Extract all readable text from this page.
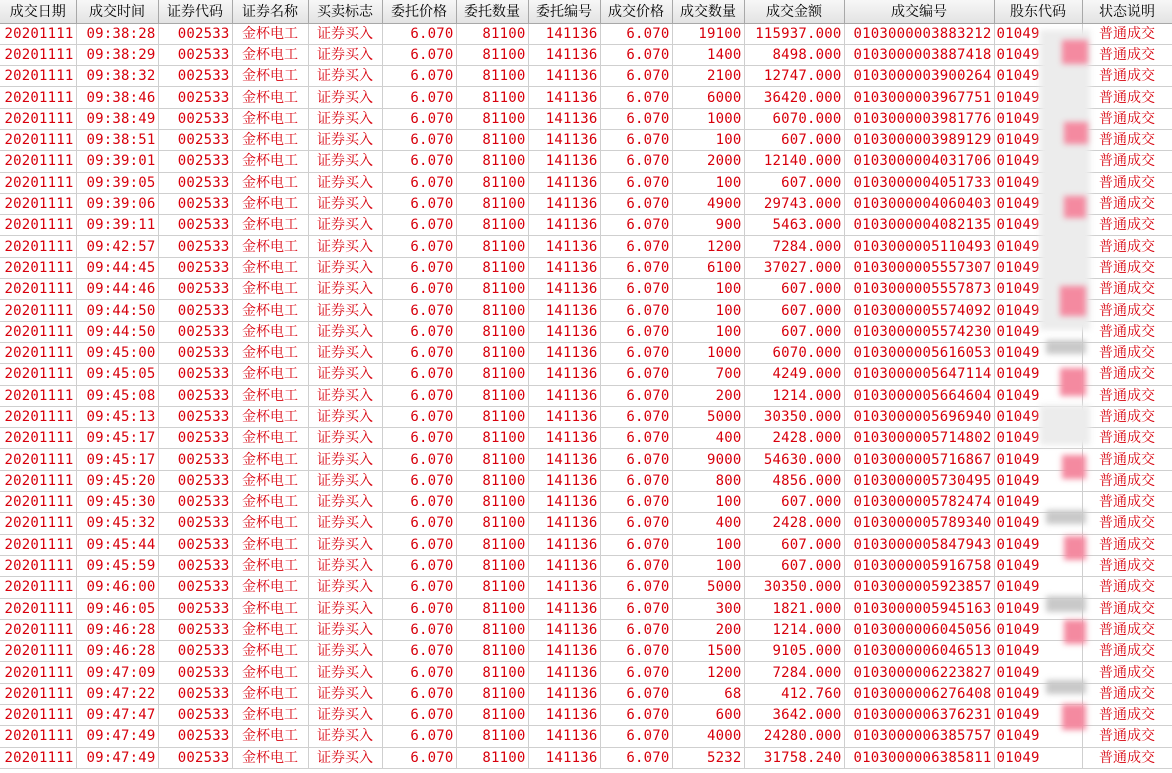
成交日期	成交时间	证券代码	证券名称	买卖标志	委托价格	委托数量	委托编号	成交价格	成交数量	成交金额	成交编号	股东代码	状态说明
20201111	09:38:28	002533	金杯电工	证券买入	6.070	81100	141136	6.070	19100	115937.000	0103000003883212	01049	普通成交
20201111	09:38:29	002533	金杯电工	证券买入	6.070	81100	141136	6.070	1400	8498.000	0103000003887418	01049	普通成交
20201111	09:38:32	002533	金杯电工	证券买入	6.070	81100	141136	6.070	2100	12747.000	0103000003900264	01049	普通成交
20201111	09:38:46	002533	金杯电工	证券买入	6.070	81100	141136	6.070	6000	36420.000	0103000003967751	01049	普通成交
20201111	09:38:49	002533	金杯电工	证券买入	6.070	81100	141136	6.070	1000	6070.000	0103000003981776	01049	普通成交
20201111	09:38:51	002533	金杯电工	证券买入	6.070	81100	141136	6.070	100	607.000	0103000003989129	01049	普通成交
20201111	09:39:01	002533	金杯电工	证券买入	6.070	81100	141136	6.070	2000	12140.000	0103000004031706	01049	普通成交
20201111	09:39:05	002533	金杯电工	证券买入	6.070	81100	141136	6.070	100	607.000	0103000004051733	01049	普通成交
20201111	09:39:06	002533	金杯电工	证券买入	6.070	81100	141136	6.070	4900	29743.000	0103000004060403	01049	普通成交
20201111	09:39:11	002533	金杯电工	证券买入	6.070	81100	141136	6.070	900	5463.000	0103000004082135	01049	普通成交
20201111	09:42:57	002533	金杯电工	证券买入	6.070	81100	141136	6.070	1200	7284.000	0103000005110493	01049	普通成交
20201111	09:44:45	002533	金杯电工	证券买入	6.070	81100	141136	6.070	6100	37027.000	0103000005557307	01049	普通成交
20201111	09:44:46	002533	金杯电工	证券买入	6.070	81100	141136	6.070	100	607.000	0103000005557873	01049	普通成交
20201111	09:44:50	002533	金杯电工	证券买入	6.070	81100	141136	6.070	100	607.000	0103000005574092	01049	普通成交
20201111	09:44:50	002533	金杯电工	证券买入	6.070	81100	141136	6.070	100	607.000	0103000005574230	01049	普通成交
20201111	09:45:00	002533	金杯电工	证券买入	6.070	81100	141136	6.070	1000	6070.000	0103000005616053	01049	普通成交
20201111	09:45:05	002533	金杯电工	证券买入	6.070	81100	141136	6.070	700	4249.000	0103000005647114	01049	普通成交
20201111	09:45:08	002533	金杯电工	证券买入	6.070	81100	141136	6.070	200	1214.000	0103000005664604	01049	普通成交
20201111	09:45:13	002533	金杯电工	证券买入	6.070	81100	141136	6.070	5000	30350.000	0103000005696940	01049	普通成交
20201111	09:45:17	002533	金杯电工	证券买入	6.070	81100	141136	6.070	400	2428.000	0103000005714802	01049	普通成交
20201111	09:45:17	002533	金杯电工	证券买入	6.070	81100	141136	6.070	9000	54630.000	0103000005716867	01049	普通成交
20201111	09:45:20	002533	金杯电工	证券买入	6.070	81100	141136	6.070	800	4856.000	0103000005730495	01049	普通成交
20201111	09:45:30	002533	金杯电工	证券买入	6.070	81100	141136	6.070	100	607.000	0103000005782474	01049	普通成交
20201111	09:45:32	002533	金杯电工	证券买入	6.070	81100	141136	6.070	400	2428.000	0103000005789340	01049	普通成交
20201111	09:45:44	002533	金杯电工	证券买入	6.070	81100	141136	6.070	100	607.000	0103000005847943	01049	普通成交
20201111	09:45:59	002533	金杯电工	证券买入	6.070	81100	141136	6.070	100	607.000	0103000005916758	01049	普通成交
20201111	09:46:00	002533	金杯电工	证券买入	6.070	81100	141136	6.070	5000	30350.000	0103000005923857	01049	普通成交
20201111	09:46:05	002533	金杯电工	证券买入	6.070	81100	141136	6.070	300	1821.000	0103000005945163	01049	普通成交
20201111	09:46:28	002533	金杯电工	证券买入	6.070	81100	141136	6.070	200	1214.000	0103000006045056	01049	普通成交
20201111	09:46:28	002533	金杯电工	证券买入	6.070	81100	141136	6.070	1500	9105.000	0103000006046513	01049	普通成交
20201111	09:47:09	002533	金杯电工	证券买入	6.070	81100	141136	6.070	1200	7284.000	0103000006223827	01049	普通成交
20201111	09:47:22	002533	金杯电工	证券买入	6.070	81100	141136	6.070	68	412.760	0103000006276408	01049	普通成交
20201111	09:47:47	002533	金杯电工	证券买入	6.070	81100	141136	6.070	600	3642.000	0103000006376231	01049	普通成交
20201111	09:47:49	002533	金杯电工	证券买入	6.070	81100	141136	6.070	4000	24280.000	0103000006385757	01049	普通成交
20201111	09:47:49	002533	金杯电工	证券买入	6.070	81100	141136	6.070	5232	31758.240	0103000006385811	01049	普通成交
